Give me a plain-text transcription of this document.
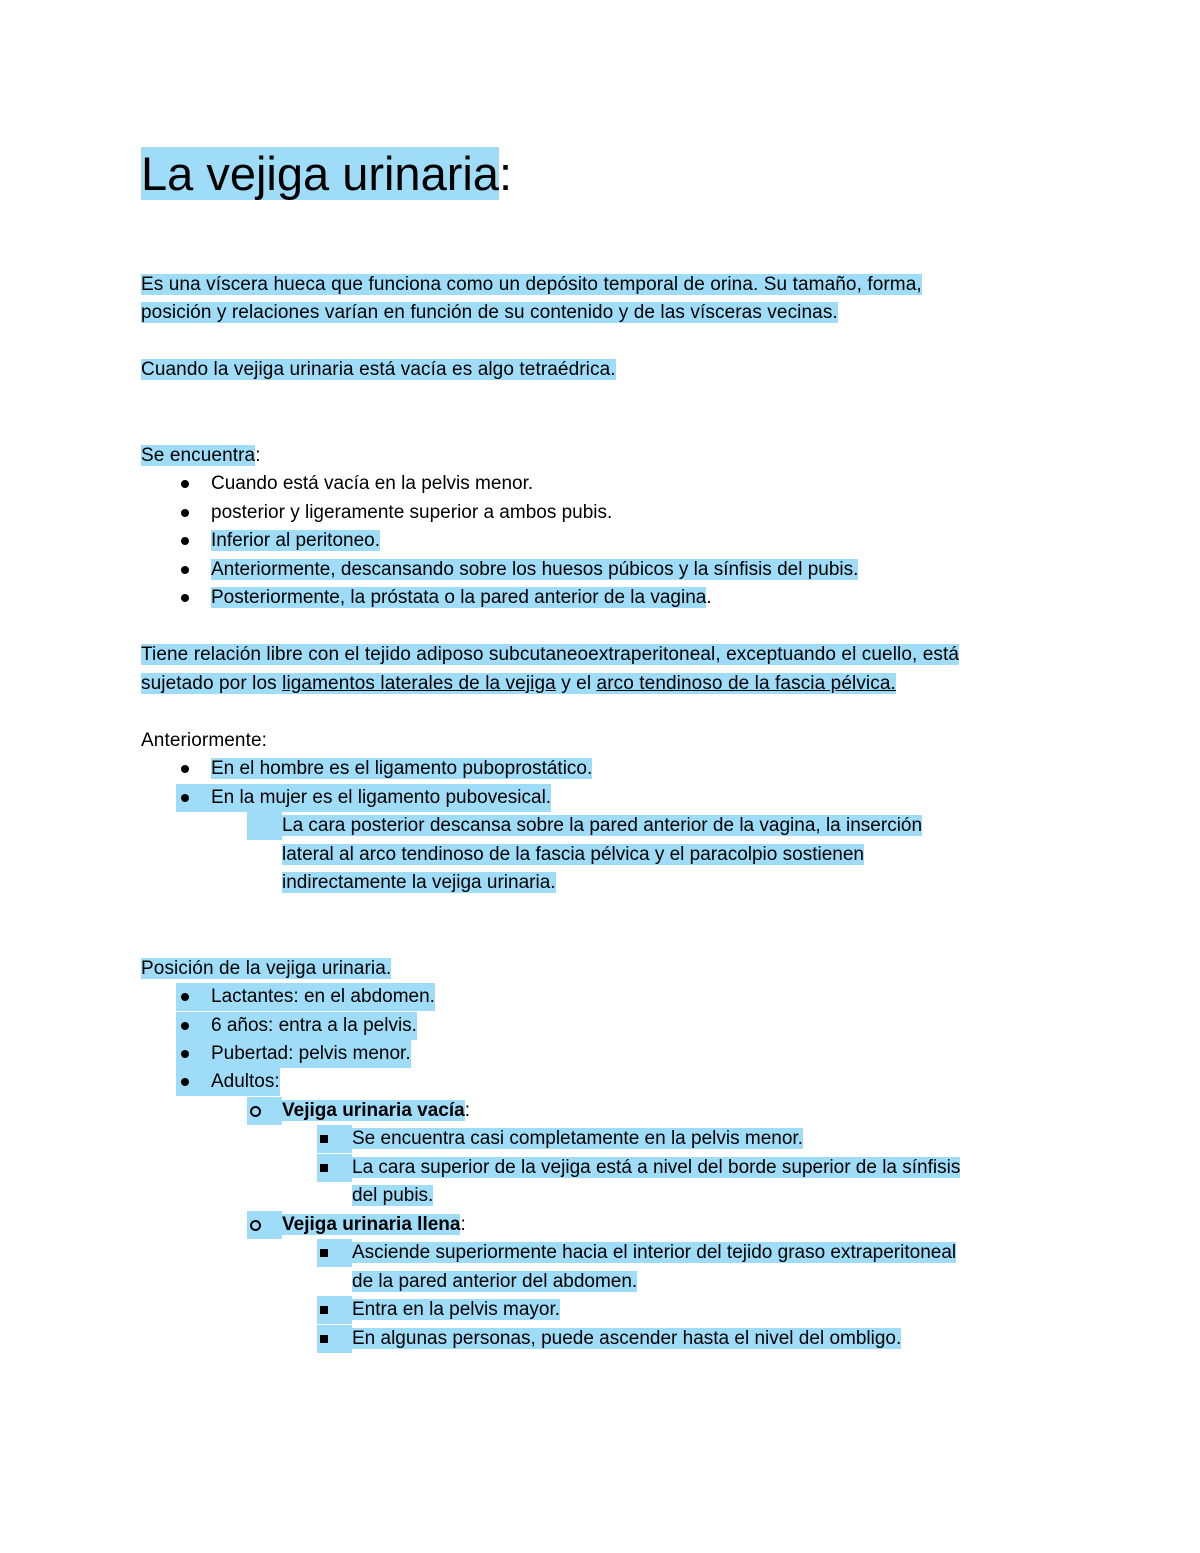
La vejiga urinaria:
Es una víscera hueca que funciona como un depósito temporal de orina. Su tamaño, forma,
posición y relaciones varían en función de su contenido y de las vísceras vecinas.
Cuando la vejiga urinaria está vacía es algo tetraédrica.
Se encuentra:
Cuando está vacía en la pelvis menor.
posterior y ligeramente superior a ambos pubis.
Inferior al peritoneo.
Anteriormente, descansando sobre los huesos púbicos y la sínfisis del pubis.
Posteriormente, la próstata o la pared anterior de la vagina.
Tiene relación libre con el tejido adiposo subcutaneoextraperitoneal, exceptuando el cuello, está
sujetado por los ligamentos laterales de la vejiga y el arco tendinoso de la fascia pélvica.
Anteriormente:
En el hombre es el ligamento puboprostático.
En la mujer es el ligamento pubovesical.
La cara posterior descansa sobre la pared anterior de la vagina, la inserción
lateral al arco tendinoso de la fascia pélvica y el paracolpio sostienen
indirectamente la vejiga urinaria.
Posición de la vejiga urinaria.
Lactantes: en el abdomen.
6 años: entra a la pelvis.
Pubertad: pelvis menor.
Adultos:
Vejiga urinaria vacía:
Se encuentra casi completamente en la pelvis menor.
La cara superior de la vejiga está a nivel del borde superior de la sínfisis
del pubis.
Vejiga urinaria llena:
Asciende superiormente hacia el interior del tejido graso extraperitoneal
de la pared anterior del abdomen.
Entra en la pelvis mayor.
En algunas personas, puede ascender hasta el nivel del ombligo.
